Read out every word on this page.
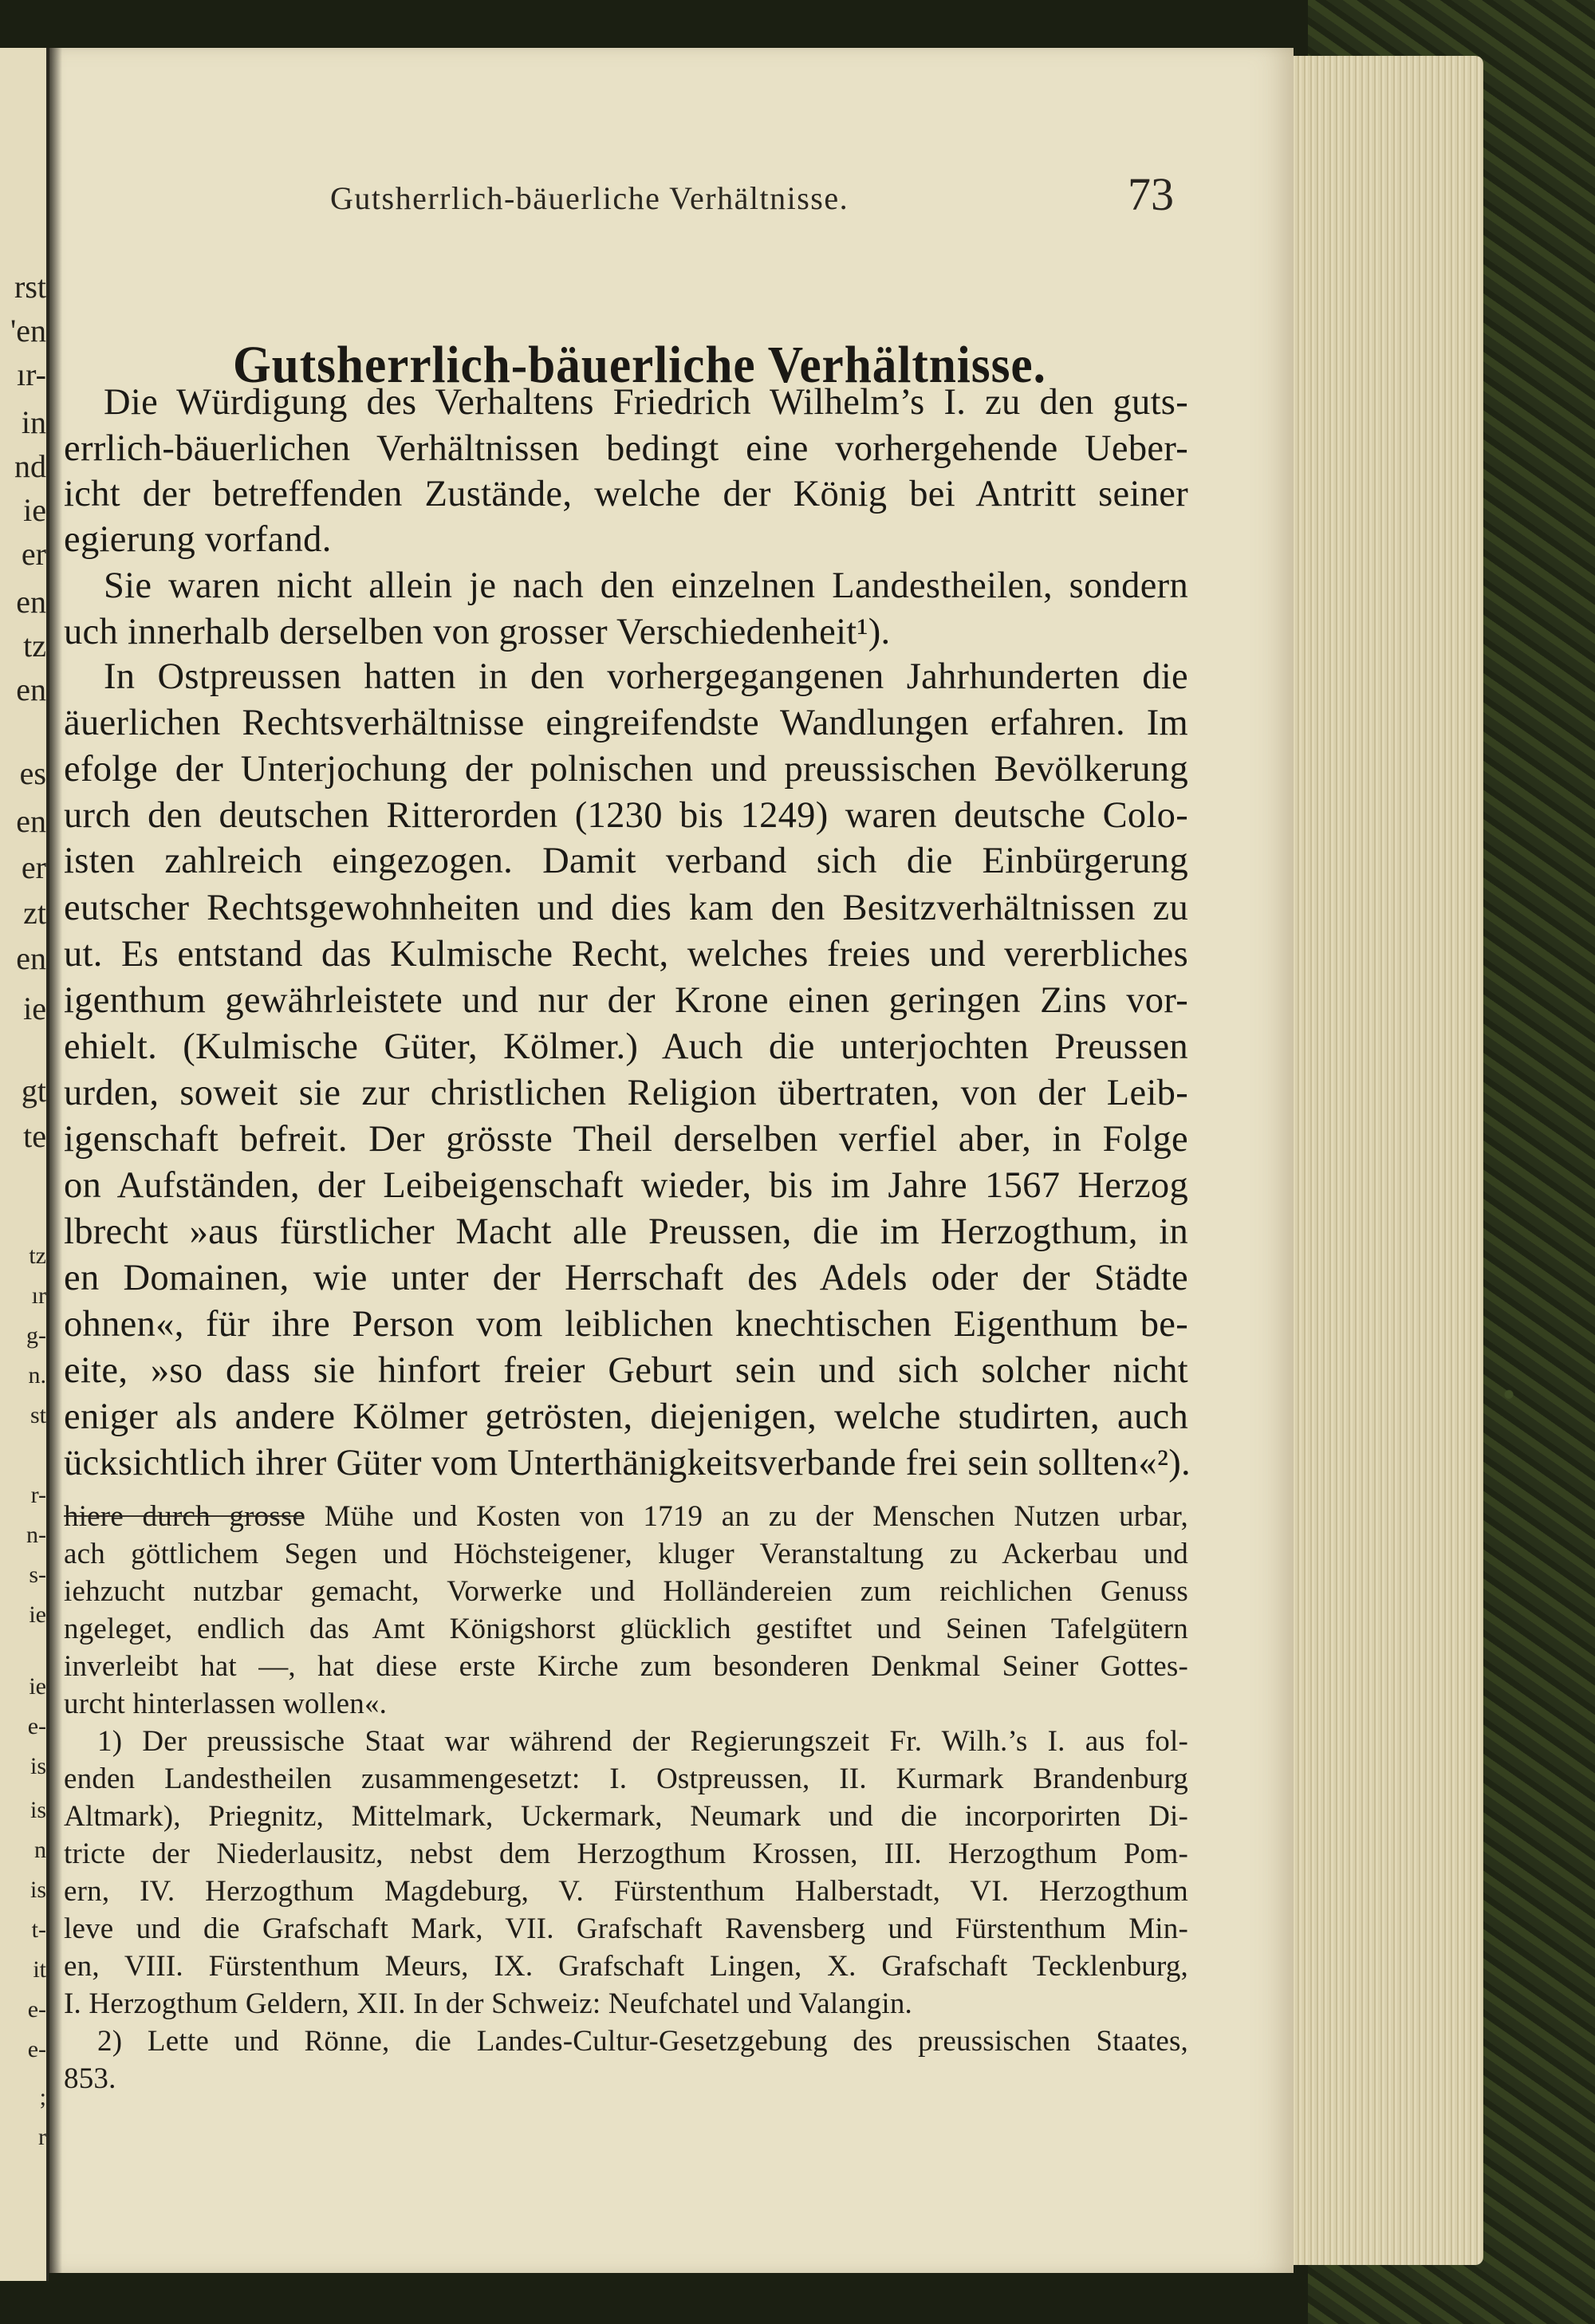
rst
'en
ır-
in
nd
ie
er
en
tz
en
es
en
er
zt
en
ie
gt
te
tz
ır
g-
n.
st
r-
n-
s-
ie
ie
e-
is
is
n
is
t-
it
e-
e-
;
r
Gutsherrlich-bäuerliche Verhältnisse.	73
Gutsherrlich-bäuerliche Verhältnisse.
Die Würdigung des Verhaltens Friedrich Wilhelm’s I. zu den guts-
errlich-bäuerlichen Verhältnissen bedingt eine vorhergehende Ueber-
icht der betreffenden Zustände, welche der König bei Antritt seiner
egierung vorfand.
Sie waren nicht allein je nach den einzelnen Landestheilen, sondern
uch innerhalb derselben von grosser Verschiedenheit¹).
In Ostpreussen hatten in den vorhergegangenen Jahrhunderten die
äuerlichen Rechtsverhältnisse eingreifendste Wandlungen erfahren. Im
efolge der Unterjochung der polnischen und preussischen Bevölkerung
urch den deutschen Ritterorden (1230 bis 1249) waren deutsche Colo-
isten zahlreich eingezogen. Damit verband sich die Einbürgerung
eutscher Rechtsgewohnheiten und dies kam den Besitzverhältnissen zu
ut. Es entstand das Kulmische Recht, welches freies und vererbliches
igenthum gewährleistete und nur der Krone einen geringen Zins vor-
ehielt. (Kulmische Güter, Kölmer.) Auch die unterjochten Preussen
urden, soweit sie zur christlichen Religion übertraten, von der Leib-
igenschaft befreit. Der grösste Theil derselben verfiel aber, in Folge
on Aufständen, der Leibeigenschaft wieder, bis im Jahre 1567 Herzog
lbrecht »aus fürstlicher Macht alle Preussen, die im Herzogthum, in
en Domainen, wie unter der Herrschaft des Adels oder der Städte
ohnen«, für ihre Person vom leiblichen knechtischen Eigenthum be-
eite, »so dass sie hinfort freier Geburt sein und sich solcher nicht
eniger als andere Kölmer getrösten, diejenigen, welche studirten, auch
ücksichtlich ihrer Güter vom Unterthänigkeitsverbande frei sein sollten«²).
hiere durch grosse Mühe und Kosten von 1719 an zu der Menschen Nutzen urbar,
ach göttlichem Segen und Höchsteigener, kluger Veranstaltung zu Ackerbau und
iehzucht nutzbar gemacht, Vorwerke und Holländereien zum reichlichen Genuss
ngeleget, endlich das Amt Königshorst glücklich gestiftet und Seinen Tafelgütern
inverleibt hat —, hat diese erste Kirche zum besonderen Denkmal Seiner Gottes-
urcht hinterlassen wollen«.
1) Der preussische Staat war während der Regierungszeit Fr. Wilh.’s I. aus fol-
enden Landestheilen zusammengesetzt: I. Ostpreussen, II. Kurmark Brandenburg
Altmark), Priegnitz, Mittelmark, Uckermark, Neumark und die incorporirten Di-
tricte der Niederlausitz, nebst dem Herzogthum Krossen, III. Herzogthum Pom-
ern, IV. Herzogthum Magdeburg, V. Fürstenthum Halberstadt, VI. Herzogthum
leve und die Grafschaft Mark, VII. Grafschaft Ravensberg und Fürstenthum Min-
en, VIII. Fürstenthum Meurs, IX. Grafschaft Lingen, X. Grafschaft Tecklenburg,
I. Herzogthum Geldern, XII. In der Schweiz: Neufchatel und Valangin.
2) Lette und Rönne, die Landes-Cultur-Gesetzgebung des preussischen Staates,
853.
